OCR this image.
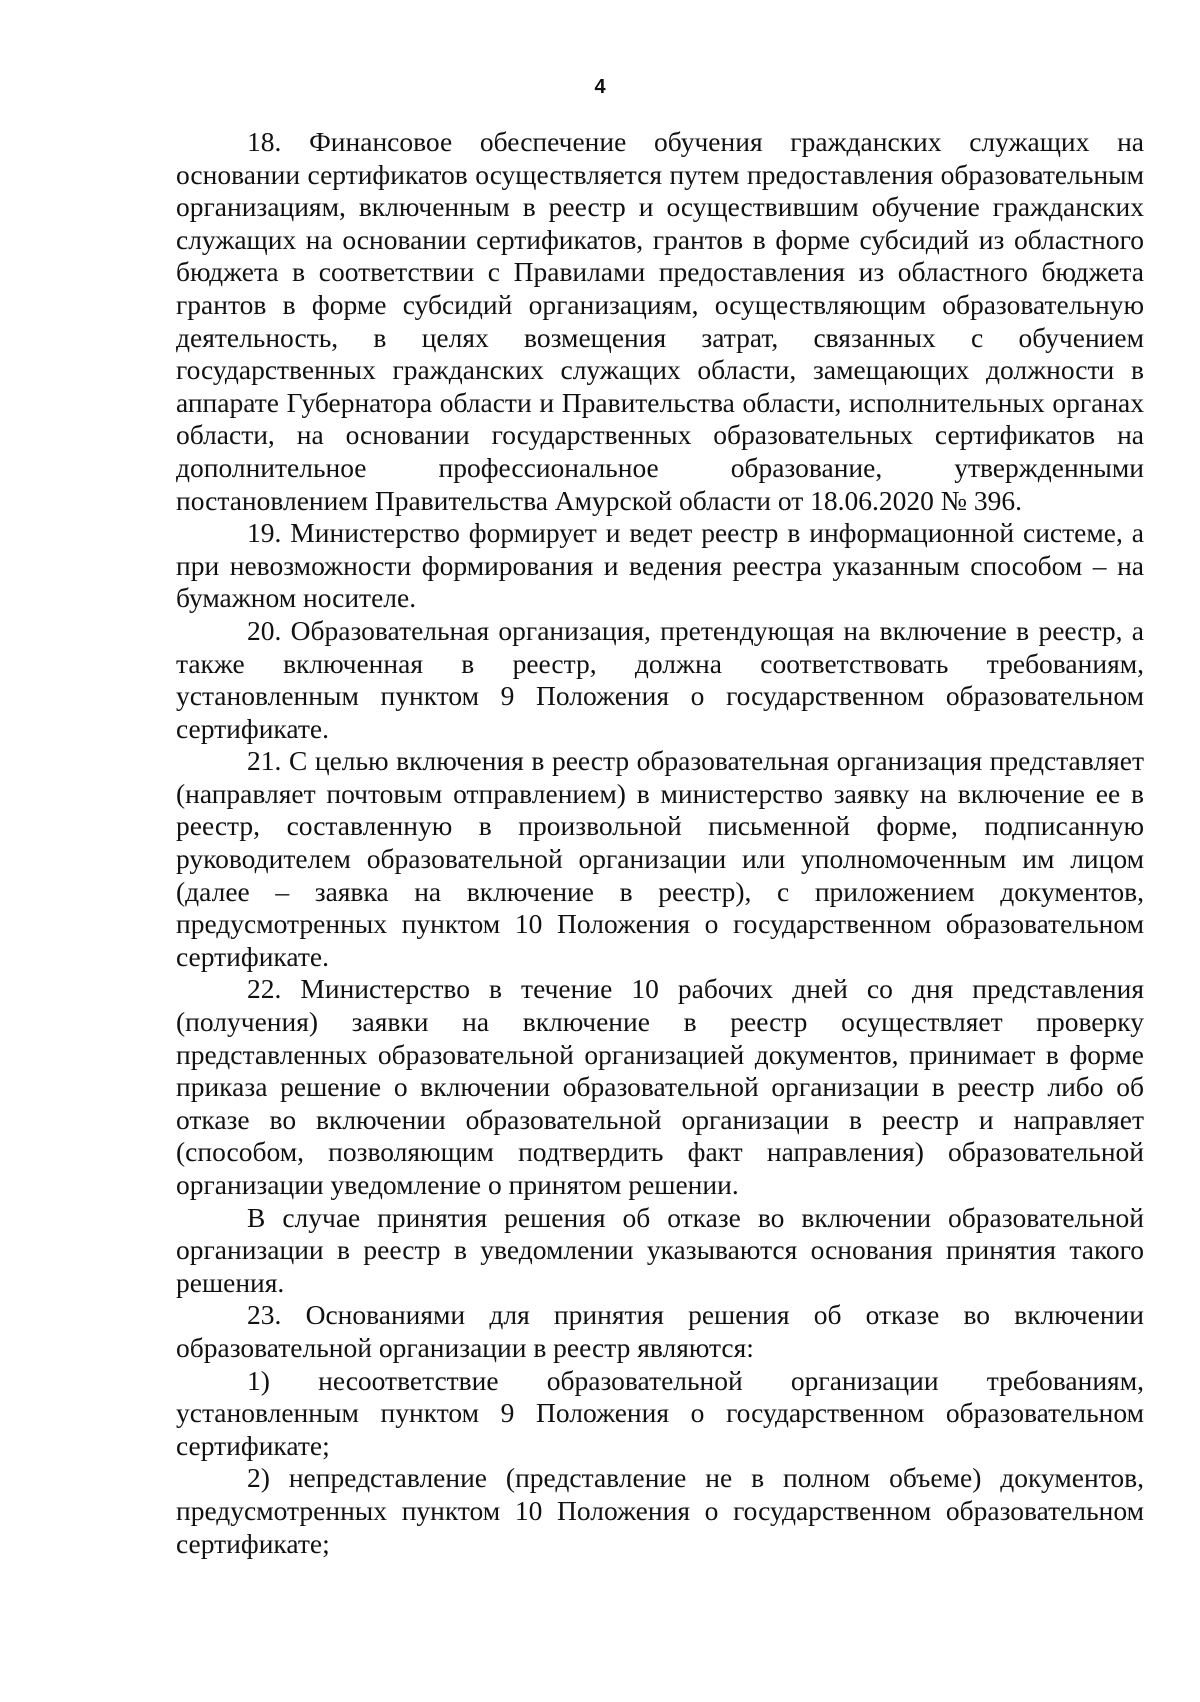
4

18. Финансовое обеспечение обучения гражданских служащих на основании сертификатов осуществляется путем предоставления образовательным организациям, включенным в реестр и осуществившим обучение гражданских служащих на основании сертификатов, грантов в форме субсидий из областного бюджета в соответствии с Правилами предоставления из областного бюджета грантов в форме субсидий организациям, осуществляющим образовательную деятельность, в целях возмещения затрат, связанных с обучением государственных гражданских служащих области, замещающих должности в аппарате Губернатора области и Правительства области, исполнительных органах области, на основании государственных образовательных сертификатов на дополнительное профессиональное образование, утвержденными постановлением Правительства Амурской области от 18.06.2020 № 396.

19. Министерство формирует и ведет реестр в информационной системе, а при невозможности формирования и ведения реестра указанным способом – на бумажном носителе.

20. Образовательная организация, претендующая на включение в реестр, а также включенная в реестр, должна соответствовать требованиям, установленным пунктом 9 Положения о государственном образовательном сертификате.

21. С целью включения в реестр образовательная организация представляет (направляет почтовым отправлением) в министерство заявку на включение ее в реестр, составленную в произвольной письменной форме, подписанную руководителем образовательной организации или уполномоченным им лицом (далее – заявка на включение в реестр), с приложением документов, предусмотренных пунктом 10 Положения о государственном образовательном сертификате.

22. Министерство в течение 10 рабочих дней со дня представления (получения) заявки на включение в реестр осуществляет проверку представленных образовательной организацией документов, принимает в форме приказа решение о включении образовательной организации в реестр либо об отказе во включении образовательной организации в реестр и направляет (способом, позволяющим подтвердить факт направления) образовательной организации уведомление о принятом решении.

В случае принятия решения об отказе во включении образовательной организации в реестр в уведомлении указываются основания принятия такого решения.

23. Основаниями для принятия решения об отказе во включении образовательной организации в реестр являются:

1) несоответствие образовательной организации требованиям, установленным пунктом 9 Положения о государственном образовательном сертификате;

2) непредставление (представление не в полном объеме) документов, предусмотренных пунктом 10 Положения о государственном образовательном сертификате;
